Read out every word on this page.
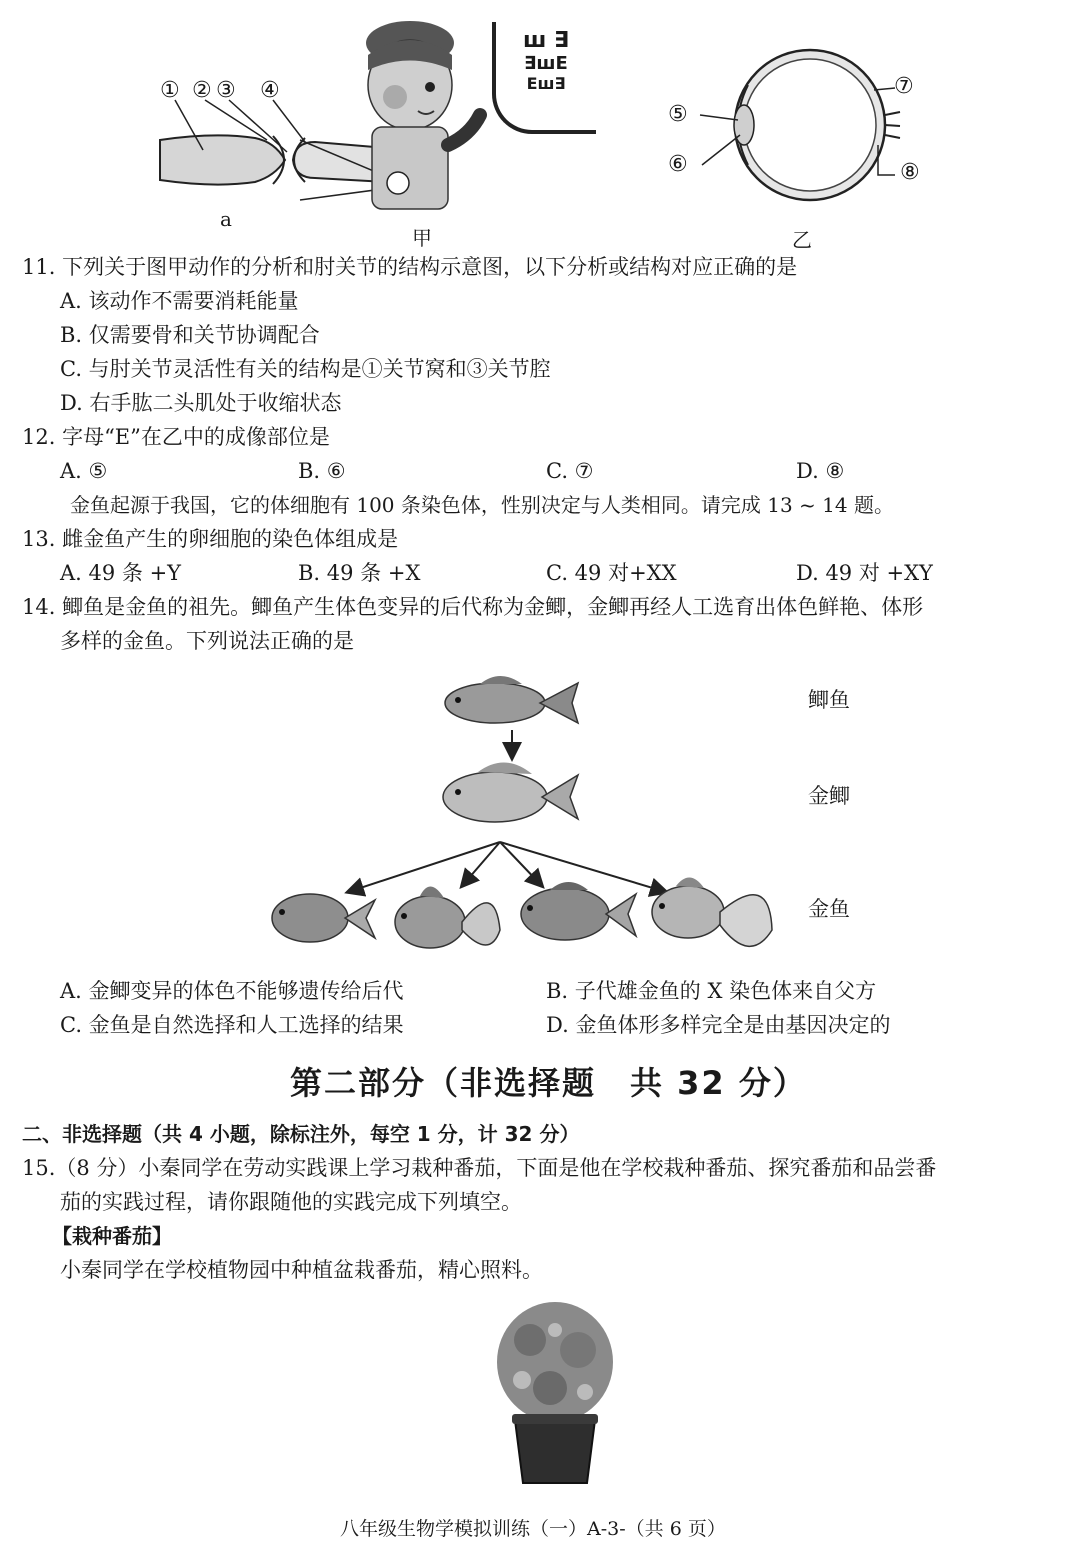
① ② ③ ④
a
甲
ш ∃
∃шE
Eш∃
⑤
⑥
⑦
⑧
乙
11. 下列关于图甲动作的分析和肘关节的结构示意图，以下分析或结构对应正确的是
A. 该动作不需要消耗能量
B. 仅需要骨和关节协调配合
C. 与肘关节灵活性有关的结构是①关节窝和③关节腔
D. 右手肱二头肌处于收缩状态
12. 字母“E”在乙中的成像部位是
A. ⑤	B. ⑥	C. ⑦	D. ⑧
金鱼起源于我国，它的体细胞有 100 条染色体，性别决定与人类相同。请完成 13 ~ 14 题。
13. 雌金鱼产生的卵细胞的染色体组成是
A. 49 条 +Y	B. 49 条 +X	C. 49 对+XX	D. 49 对 +XY
14. 鲫鱼是金鱼的祖先。鲫鱼产生体色变异的后代称为金鲫，金鲫再经人工选育出体色鲜艳、体形
多样的金鱼。下列说法正确的是
鲫鱼
金鲫
金鱼
A. 金鲫变异的体色不能够遗传给后代	B. 子代雄金鱼的 X 染色体来自父方
C. 金鱼是自然选择和人工选择的结果	D. 金鱼体形多样完全是由基因决定的
第二部分（非选择题　共 32 分）
二、非选择题（共 4 小题，除标注外，每空 1 分，计 32 分）
15.（8 分）小秦同学在劳动实践课上学习栽种番茄，下面是他在学校栽种番茄、探究番茄和品尝番
茄的实践过程，请你跟随他的实践完成下列填空。
【栽种番茄】
小秦同学在学校植物园中种植盆栽番茄，精心照料。
八年级生物学模拟训练（一）A-3-（共 6 页）
